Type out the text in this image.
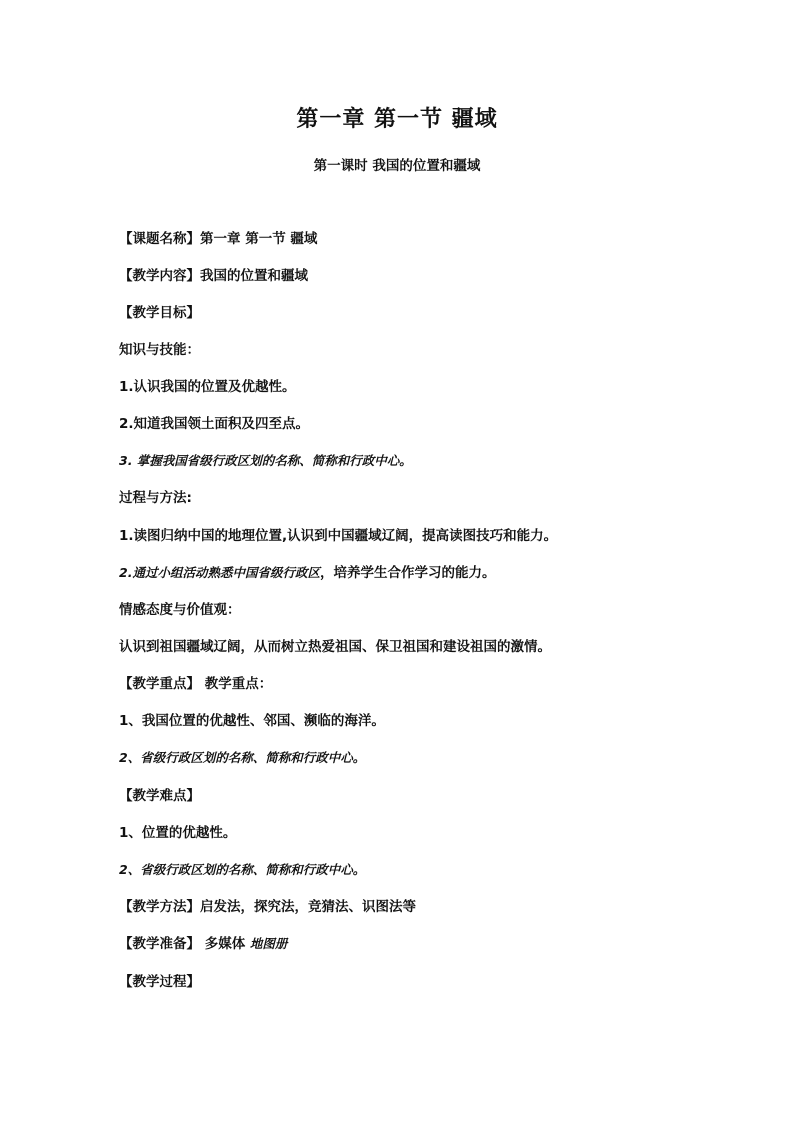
第一章 第一节 疆域
第一课时 我国的位置和疆域
【课题名称】第一章 第一节 疆域
【教学内容】我国的位置和疆域
【教学目标】
知识与技能：
1.认识我国的位置及优越性。
2.知道我国领土面积及四至点。
3. 掌握我国省级行政区划的名称、简称和行政中心。
过程与方法:
1.读图归纳中国的地理位置,认识到中国疆域辽阔，提高读图技巧和能力。
2.通过小组活动熟悉中国省级行政区，培养学生合作学习的能力。
情感态度与价值观：
认识到祖国疆域辽阔，从而树立热爱祖国、保卫祖国和建设祖国的激情。
【教学重点】 教学重点：
1、我国位置的优越性、邻国、濒临的海洋。
2、省级行政区划的名称、简称和行政中心。
【教学难点】
1、位置的优越性。
2、省级行政区划的名称、简称和行政中心。
【教学方法】启发法，探究法，竞猜法、识图法等
【教学准备】 多媒体 地图册
【教学过程】
